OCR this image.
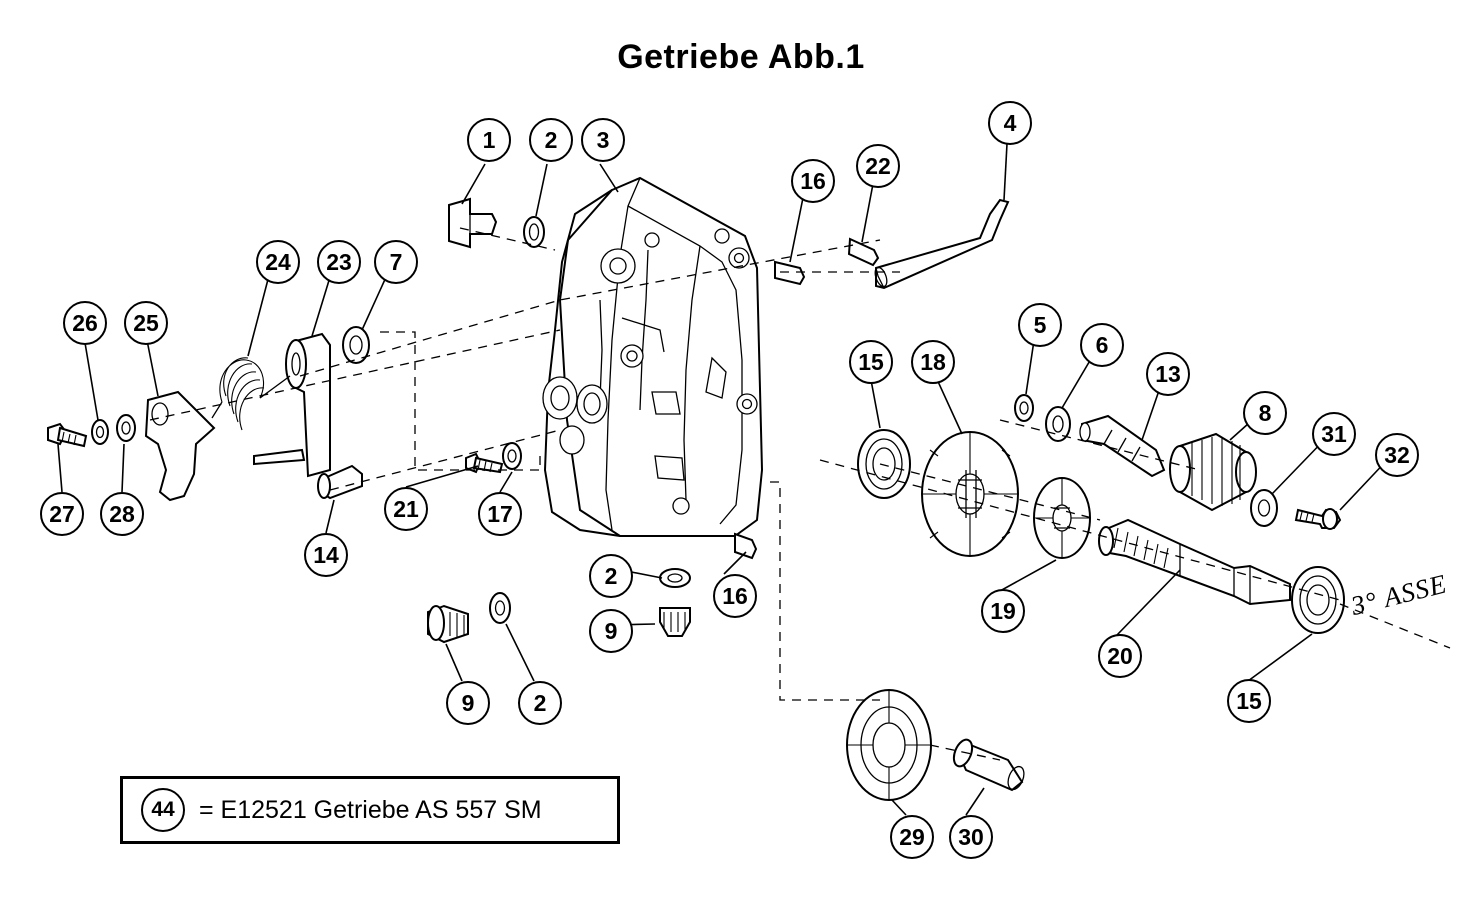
Getriebe Abb.1
1	2	3
16
22
4
24	23	7
26	25	5
6
15	18	13
8
31
32
27	28	21	17
14
2
16
9
19
20
15
9	2
29	30
44 = E12521 Getriebe AS 557 SM
3° ASSE
